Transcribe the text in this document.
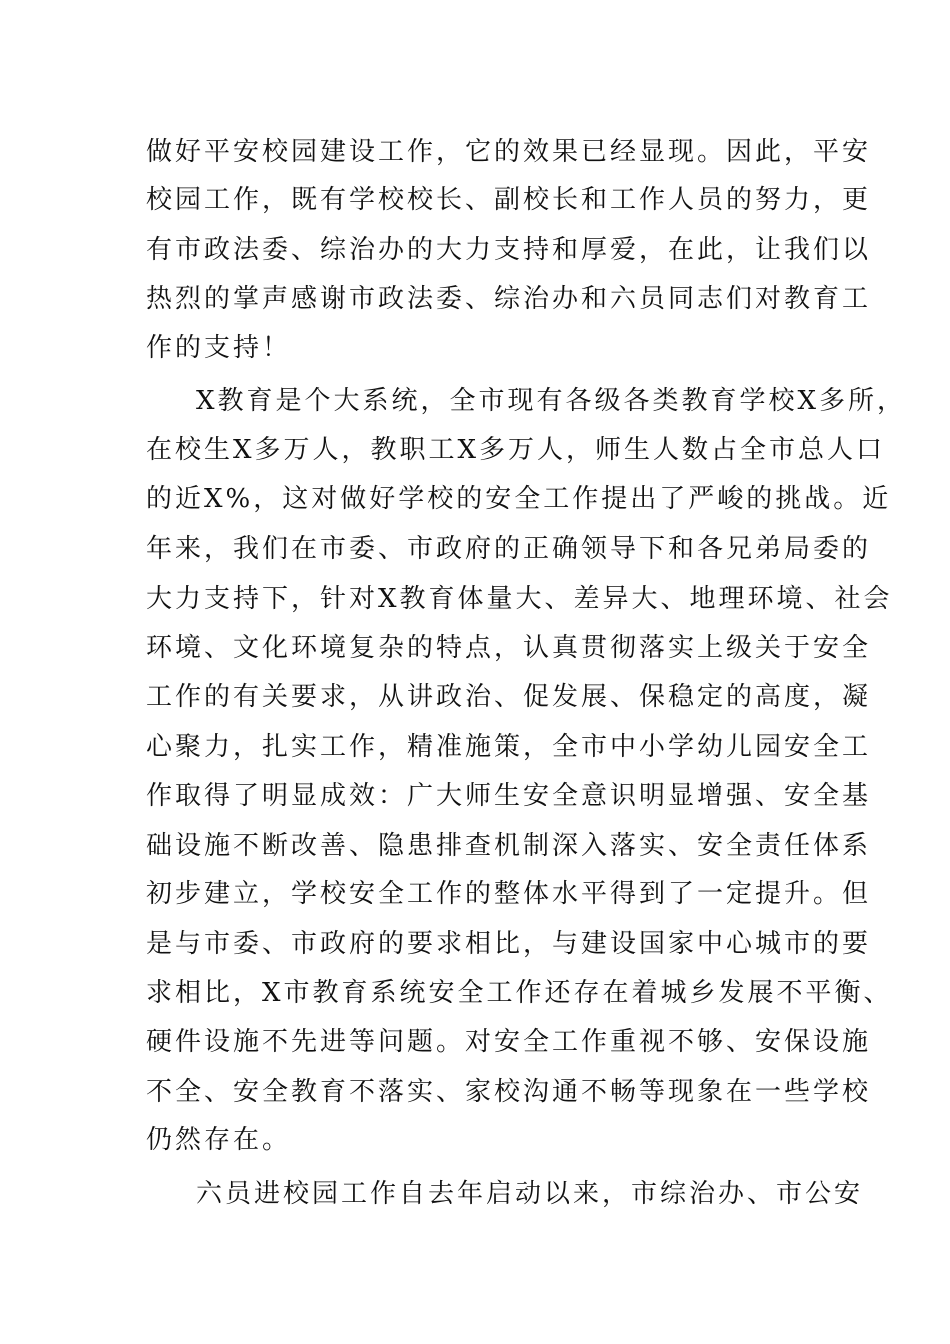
做好平安校园建设工作，它的效果已经显现。因此，平安
校园工作，既有学校校长、副校长和工作人员的努力，更
有市政法委、综治办的大力支持和厚爱，在此，让我们以
热烈的掌声感谢市政法委、综治办和六员同志们对教育工
作的支持！
X教育是个大系统，全市现有各级各类教育学校X多所，
在校生X多万人，教职工X多万人，师生人数占全市总人口
的近X%，这对做好学校的安全工作提出了严峻的挑战。近
年来，我们在市委、市政府的正确领导下和各兄弟局委的
大力支持下，针对X教育体量大、差异大、地理环境、社会
环境、文化环境复杂的特点，认真贯彻落实上级关于安全
工作的有关要求，从讲政治、促发展、保稳定的高度，凝
心聚力，扎实工作，精准施策，全市中小学幼儿园安全工
作取得了明显成效：广大师生安全意识明显增强、安全基
础设施不断改善、隐患排查机制深入落实、安全责任体系
初步建立，学校安全工作的整体水平得到了一定提升。但
是与市委、市政府的要求相比，与建设国家中心城市的要
求相比，X市教育系统安全工作还存在着城乡发展不平衡、
硬件设施不先进等问题。对安全工作重视不够、安保设施
不全、安全教育不落实、家校沟通不畅等现象在一些学校
仍然存在。
六员进校园工作自去年启动以来，市综治办、市公安
